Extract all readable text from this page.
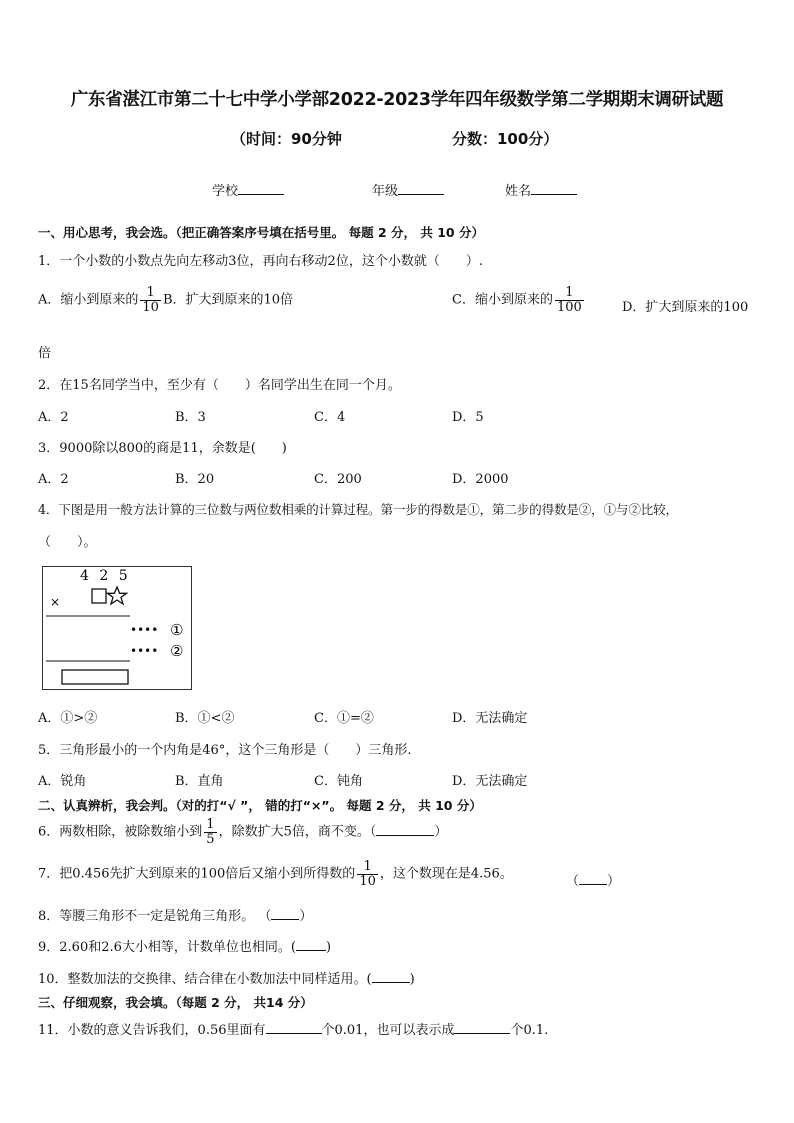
广东省湛江市第二十七中学小学部2022-2023学年四年级数学第二学期期末调研试题
（时间：90分钟	分数：100分）
学校	年级	姓名
一、用心思考，我会选。（把正确答案序号填在括号里。 每题 2 分， 共 10 分）
1．一个小数的小数点先向左移动3位，再向右移动2位，这个小数就（　　）.
A．缩小到原来的 $\frac{1}{10}$ B．扩大到原来的10倍	C．缩小到原来的 $\frac{1}{100}$	D．扩大到原来的100
倍
2．在15名同学当中，至少有（　　）名同学出生在同一个月。
A．2	B．3	C．4	D．5
3．9000除以800的商是11，余数是(　　)
A．2	B．20	C．200	D．2000
4．下图是用一般方法计算的三位数与两位数相乘的计算过程。第一步的得数是①，第二步的得数是②，①与②比较，
（　　）。
4 2 5
×
•••• ①
•••• ②
A．①>②	B．①<②	C．①=②	D．无法确定
5．三角形最小的一个内角是46°，这个三角形是（　　）三角形.
A．锐角	B．直角	C．钝角	D．无法确定
二、认真辨析，我会判。（对的打“√ ”， 错的打“×”。 每题 2 分， 共 10 分）
6．两数相除，被除数缩小到 $\frac{1}{5}$ ，除数扩大5倍，商不变。（	）
7．把0.456先扩大到原来的100倍后又缩小到所得数的 $\frac{1}{10}$ ，这个数现在是4.56。	（ ）
8．等腰三角形不一定是锐角三角形。 （ ）
9．2.60和2.6大小相等，计数单位也相同。( )
10．整数加法的交换律、结合律在小数加法中同样适用。(	)
三、仔细观察，我会填。（每题 2 分， 共14 分）
11．小数的意义告诉我们，0.56里面有	个0.01，也可以表示成	个0.1.
